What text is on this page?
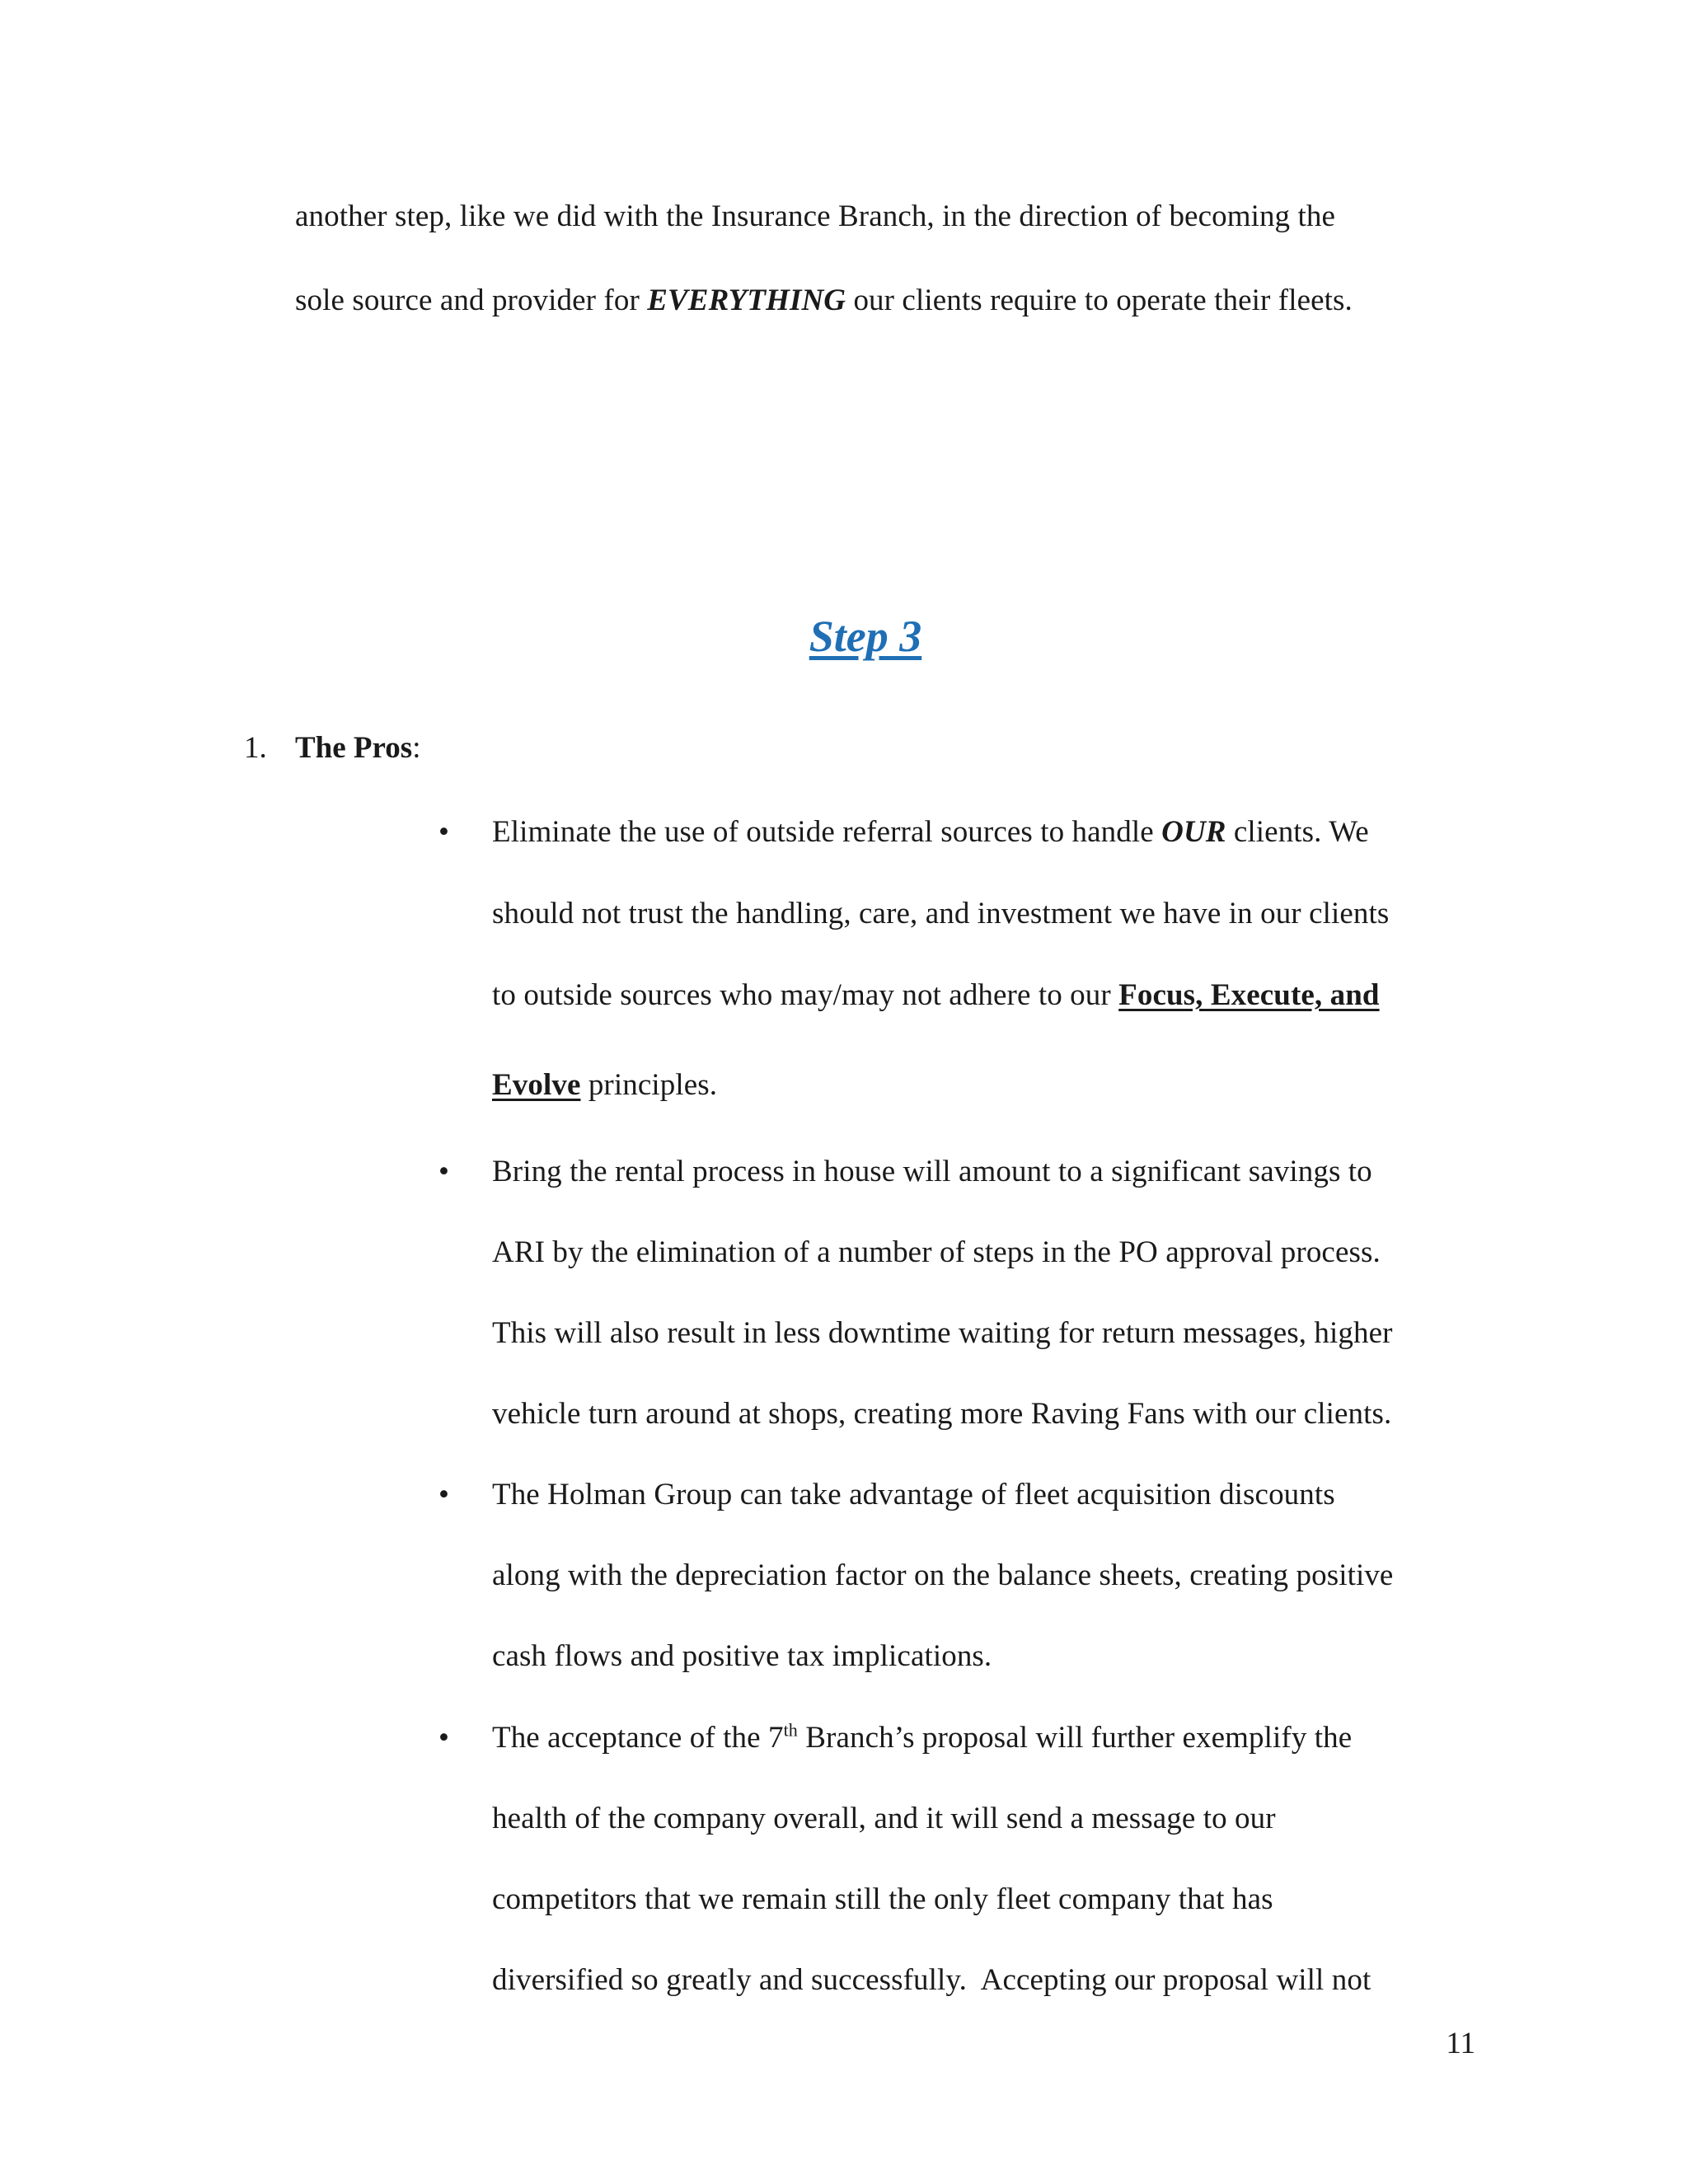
another step, like we did with the Insurance Branch, in the direction of becoming the
sole source and provider for EVERYTHING our clients require to operate their fleets.
Step 3
1. The Pros:
• Eliminate the use of outside referral sources to handle OUR clients. We
should not trust the handling, care, and investment we have in our clients
to outside sources who may/may not adhere to our Focus, Execute, and
Evolve principles.
• Bring the rental process in house will amount to a significant savings to
ARI by the elimination of a number of steps in the PO approval process.
This will also result in less downtime waiting for return messages, higher
vehicle turn around at shops, creating more Raving Fans with our clients.
• The Holman Group can take advantage of fleet acquisition discounts
along with the depreciation factor on the balance sheets, creating positive
cash flows and positive tax implications.
• The acceptance of the 7th Branch’s proposal will further exemplify the
health of the company overall, and it will send a message to our
competitors that we remain still the only fleet company that has
diversified so greatly and successfully.  Accepting our proposal will not
11
